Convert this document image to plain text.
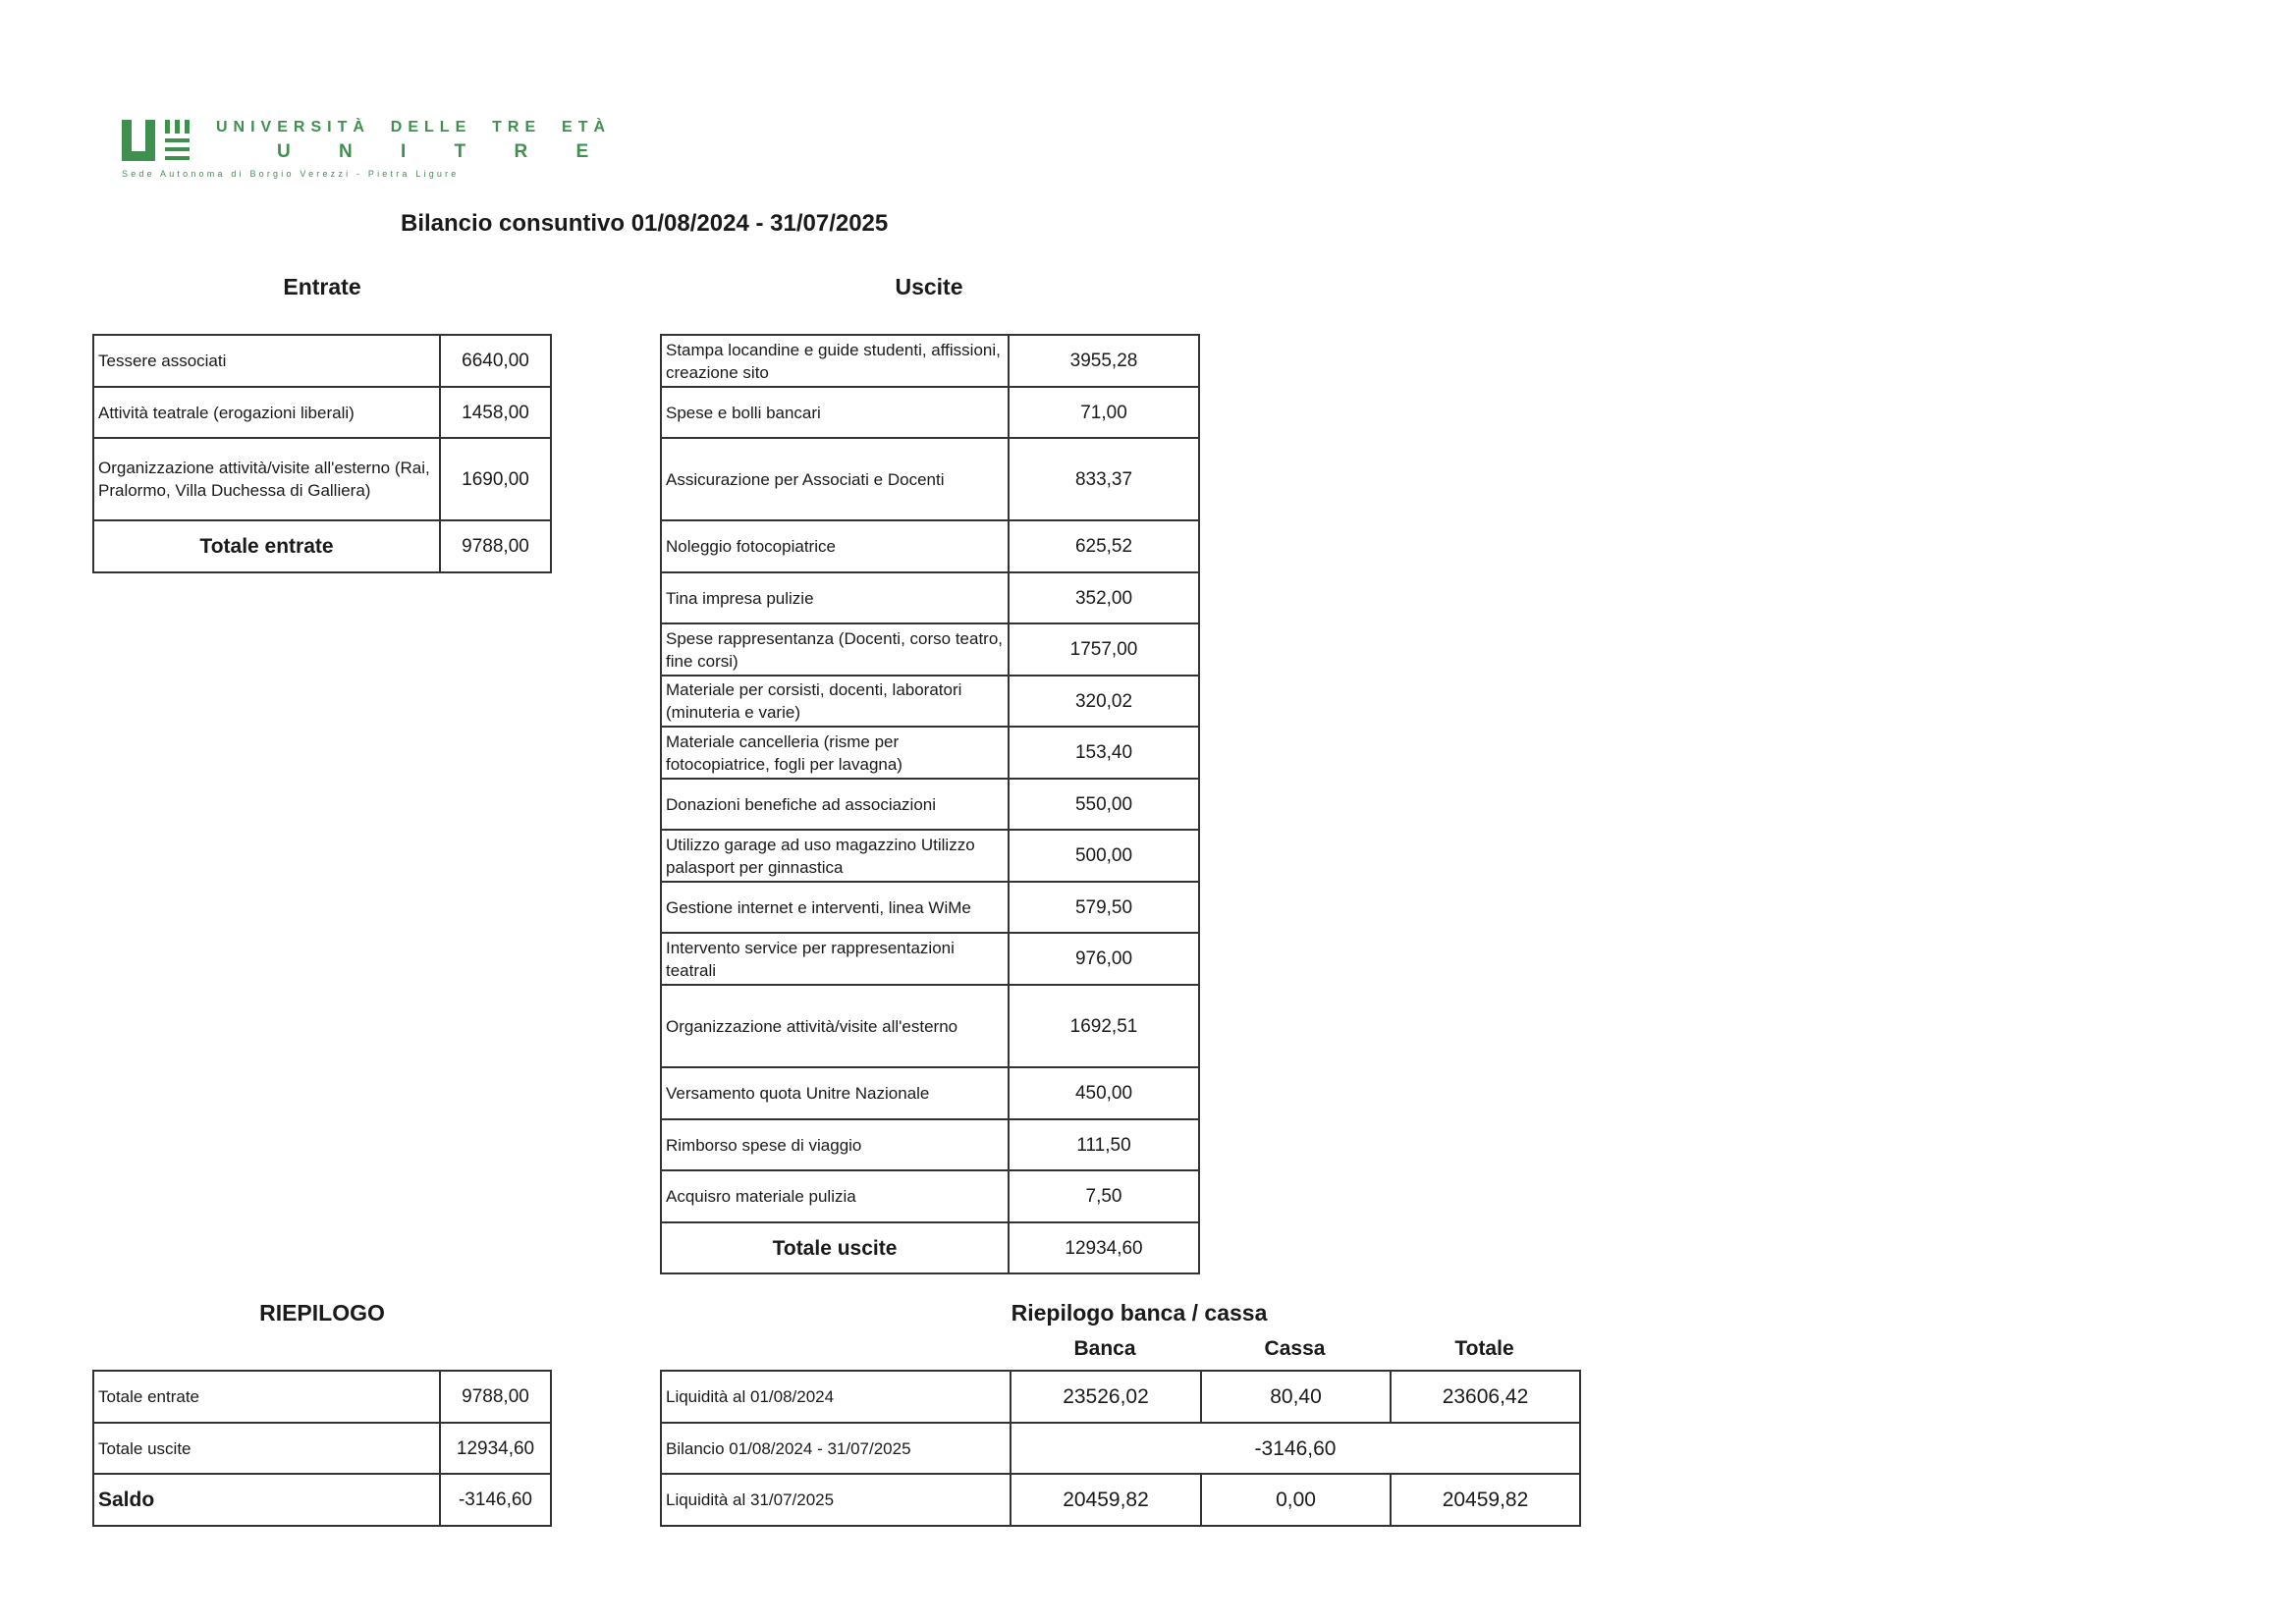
UNIVERSITÀ  DELLE  TRE  ETÀ
U N I T R E
Sede Autonoma di Borgio Verezzi - Pietra Ligure
Bilancio consuntivo 01/08/2024 - 31/07/2025
Entrate	Uscite
Tessere associati	6640,00
Attività teatrale (erogazioni liberali)	1458,00
Organizzazione attività/visite all'esterno (Rai, Pralormo, Villa Duchessa di Galliera)	1690,00
Totale entrate	9788,00
Stampa locandine e guide studenti, affissioni, creazione sito	3955,28
Spese e bolli bancari	71,00
Assicurazione per Associati e Docenti	833,37
Noleggio fotocopiatrice	625,52
Tina impresa pulizie	352,00
Spese rappresentanza (Docenti, corso teatro, fine corsi)	1757,00
Materiale per corsisti, docenti, laboratori (minuteria e varie)	320,02
Materiale cancelleria (risme per fotocopiatrice, fogli per lavagna)	153,40
Donazioni benefiche ad associazioni	550,00
Utilizzo garage ad uso magazzino Utilizzo palasport per ginnastica	500,00
Gestione internet e interventi, linea WiMe	579,50
Intervento service per rappresentazioni teatrali	976,00
Organizzazione attività/visite all'esterno	1692,51
Versamento quota Unitre Nazionale	450,00
Rimborso spese di viaggio	111,50
Acquisro materiale pulizia	7,50
Totale uscite	12934,60
RIEPILOGO	Riepilogo banca / cassa
Banca	Cassa	Totale
Totale entrate	9788,00
Totale uscite	12934,60
Saldo	-3146,60
Liquidità al 01/08/2024	23526,02	80,40	23606,42
Bilancio 01/08/2024 - 31/07/2025	-3146,60		
Liquidità al 31/07/2025	20459,82	0,00	20459,82
